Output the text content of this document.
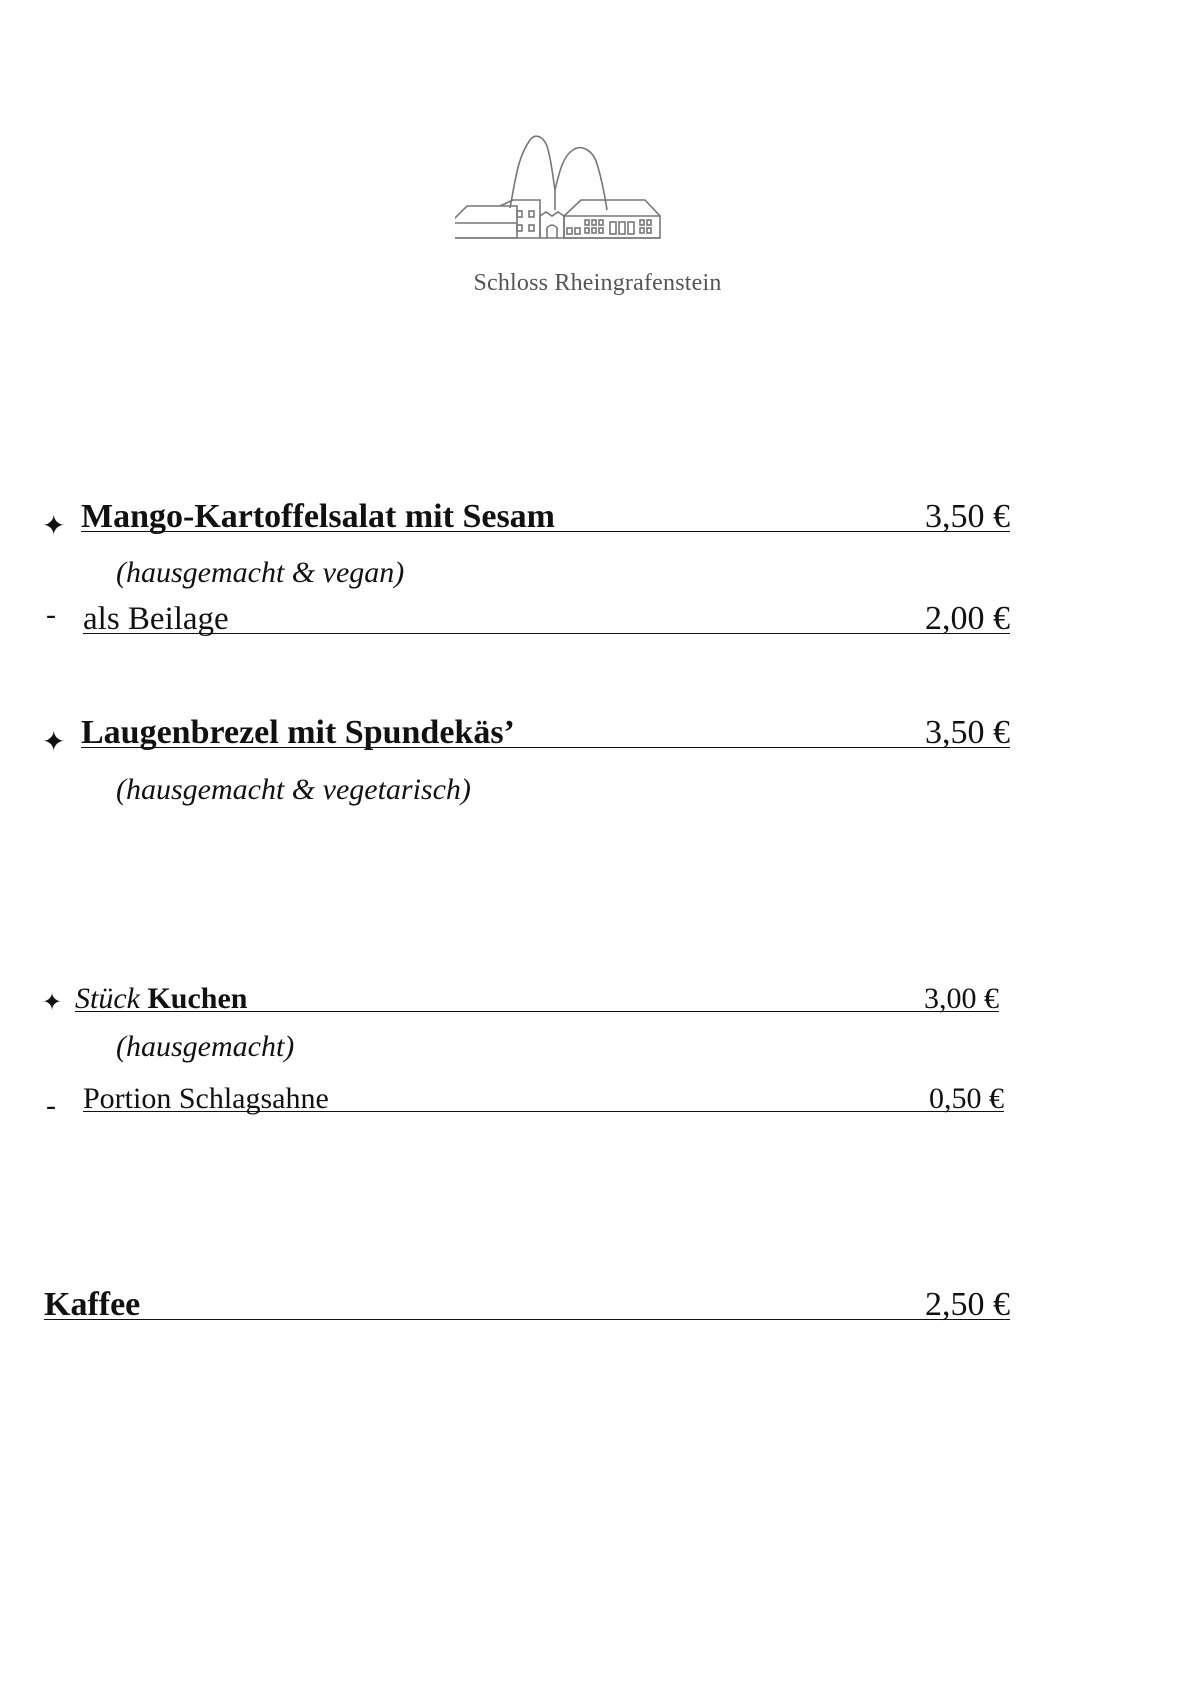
Schloss Rheingrafenstein
✦ Mango-Kartoffelsalat mit Sesam	3,50 €
(hausgemacht & vegan)
- als Beilage	2,00 €
✦ Laugenbrezel mit Spundekäs’	3,50 €
(hausgemacht & vegetarisch)
✦ Stück Kuchen	3,00 €
(hausgemacht)
- Portion Schlagsahne	0,50 €
Kaffee	2,50 €
